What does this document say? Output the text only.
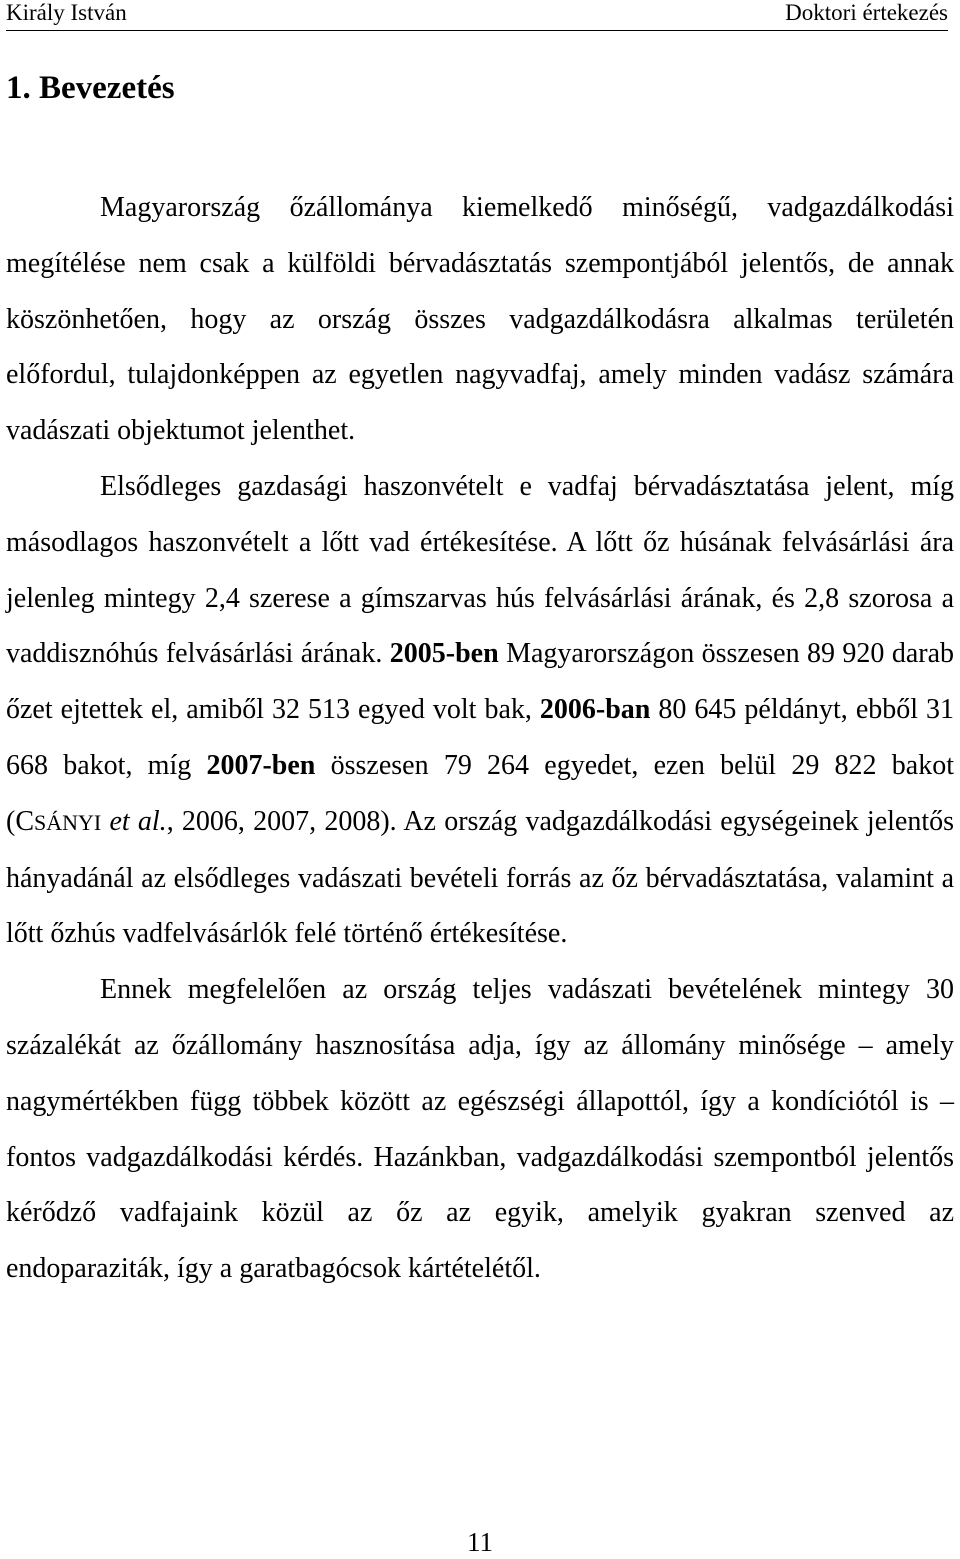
Király István	Doktori értekezés
1. Bevezetés

Magyarország őzállománya kiemelkedő minőségű, vadgazdálkodási megítélése nem csak a külföldi bérvadásztatás szempontjából jelentős, de annak köszönhetően, hogy az ország összes vadgazdálkodásra alkalmas területén előfordul, tulajdonképpen az egyetlen nagyvadfaj, amely minden vadász számára vadászati objektumot jelenthet.

Elsődleges gazdasági haszonvételt e vadfaj bérvadásztatása jelent, míg másodlagos haszonvételt a lőtt vad értékesítése. A lőtt őz húsának felvásárlási ára jelenleg mintegy 2,4 szerese a gímszarvas hús felvásárlási árának, és 2,8 szorosa a vaddisznóhús felvásárlási árának. 2005-ben Magyarországon összesen 89 920 darab őzet ejtettek el, amiből 32 513 egyed volt bak, 2006-ban 80 645 példányt, ebből 31 668 bakot, míg 2007-ben összesen 79 264 egyedet, ezen belül 29 822 bakot (CSÁNYI et al., 2006, 2007, 2008). Az ország vadgazdálkodási egységeinek jelentős hányadánál az elsődleges vadászati bevételi forrás az őz bérvadásztatása, valamint a lőtt őzhús vadfelvásárlók felé történő értékesítése.

Ennek megfelelően az ország teljes vadászati bevételének mintegy 30 százalékát az őzállomány hasznosítása adja, így az állomány minősége – amely nagymértékben függ többek között az egészségi állapottól, így a kondíciótól is – fontos vadgazdálkodási kérdés. Hazánkban, vadgazdálkodási szempontból jelentős kérődző vadfajaink közül az őz az egyik, amelyik gyakran szenved az endoparaziták, így a garatbagócsok kártételétől.

11
